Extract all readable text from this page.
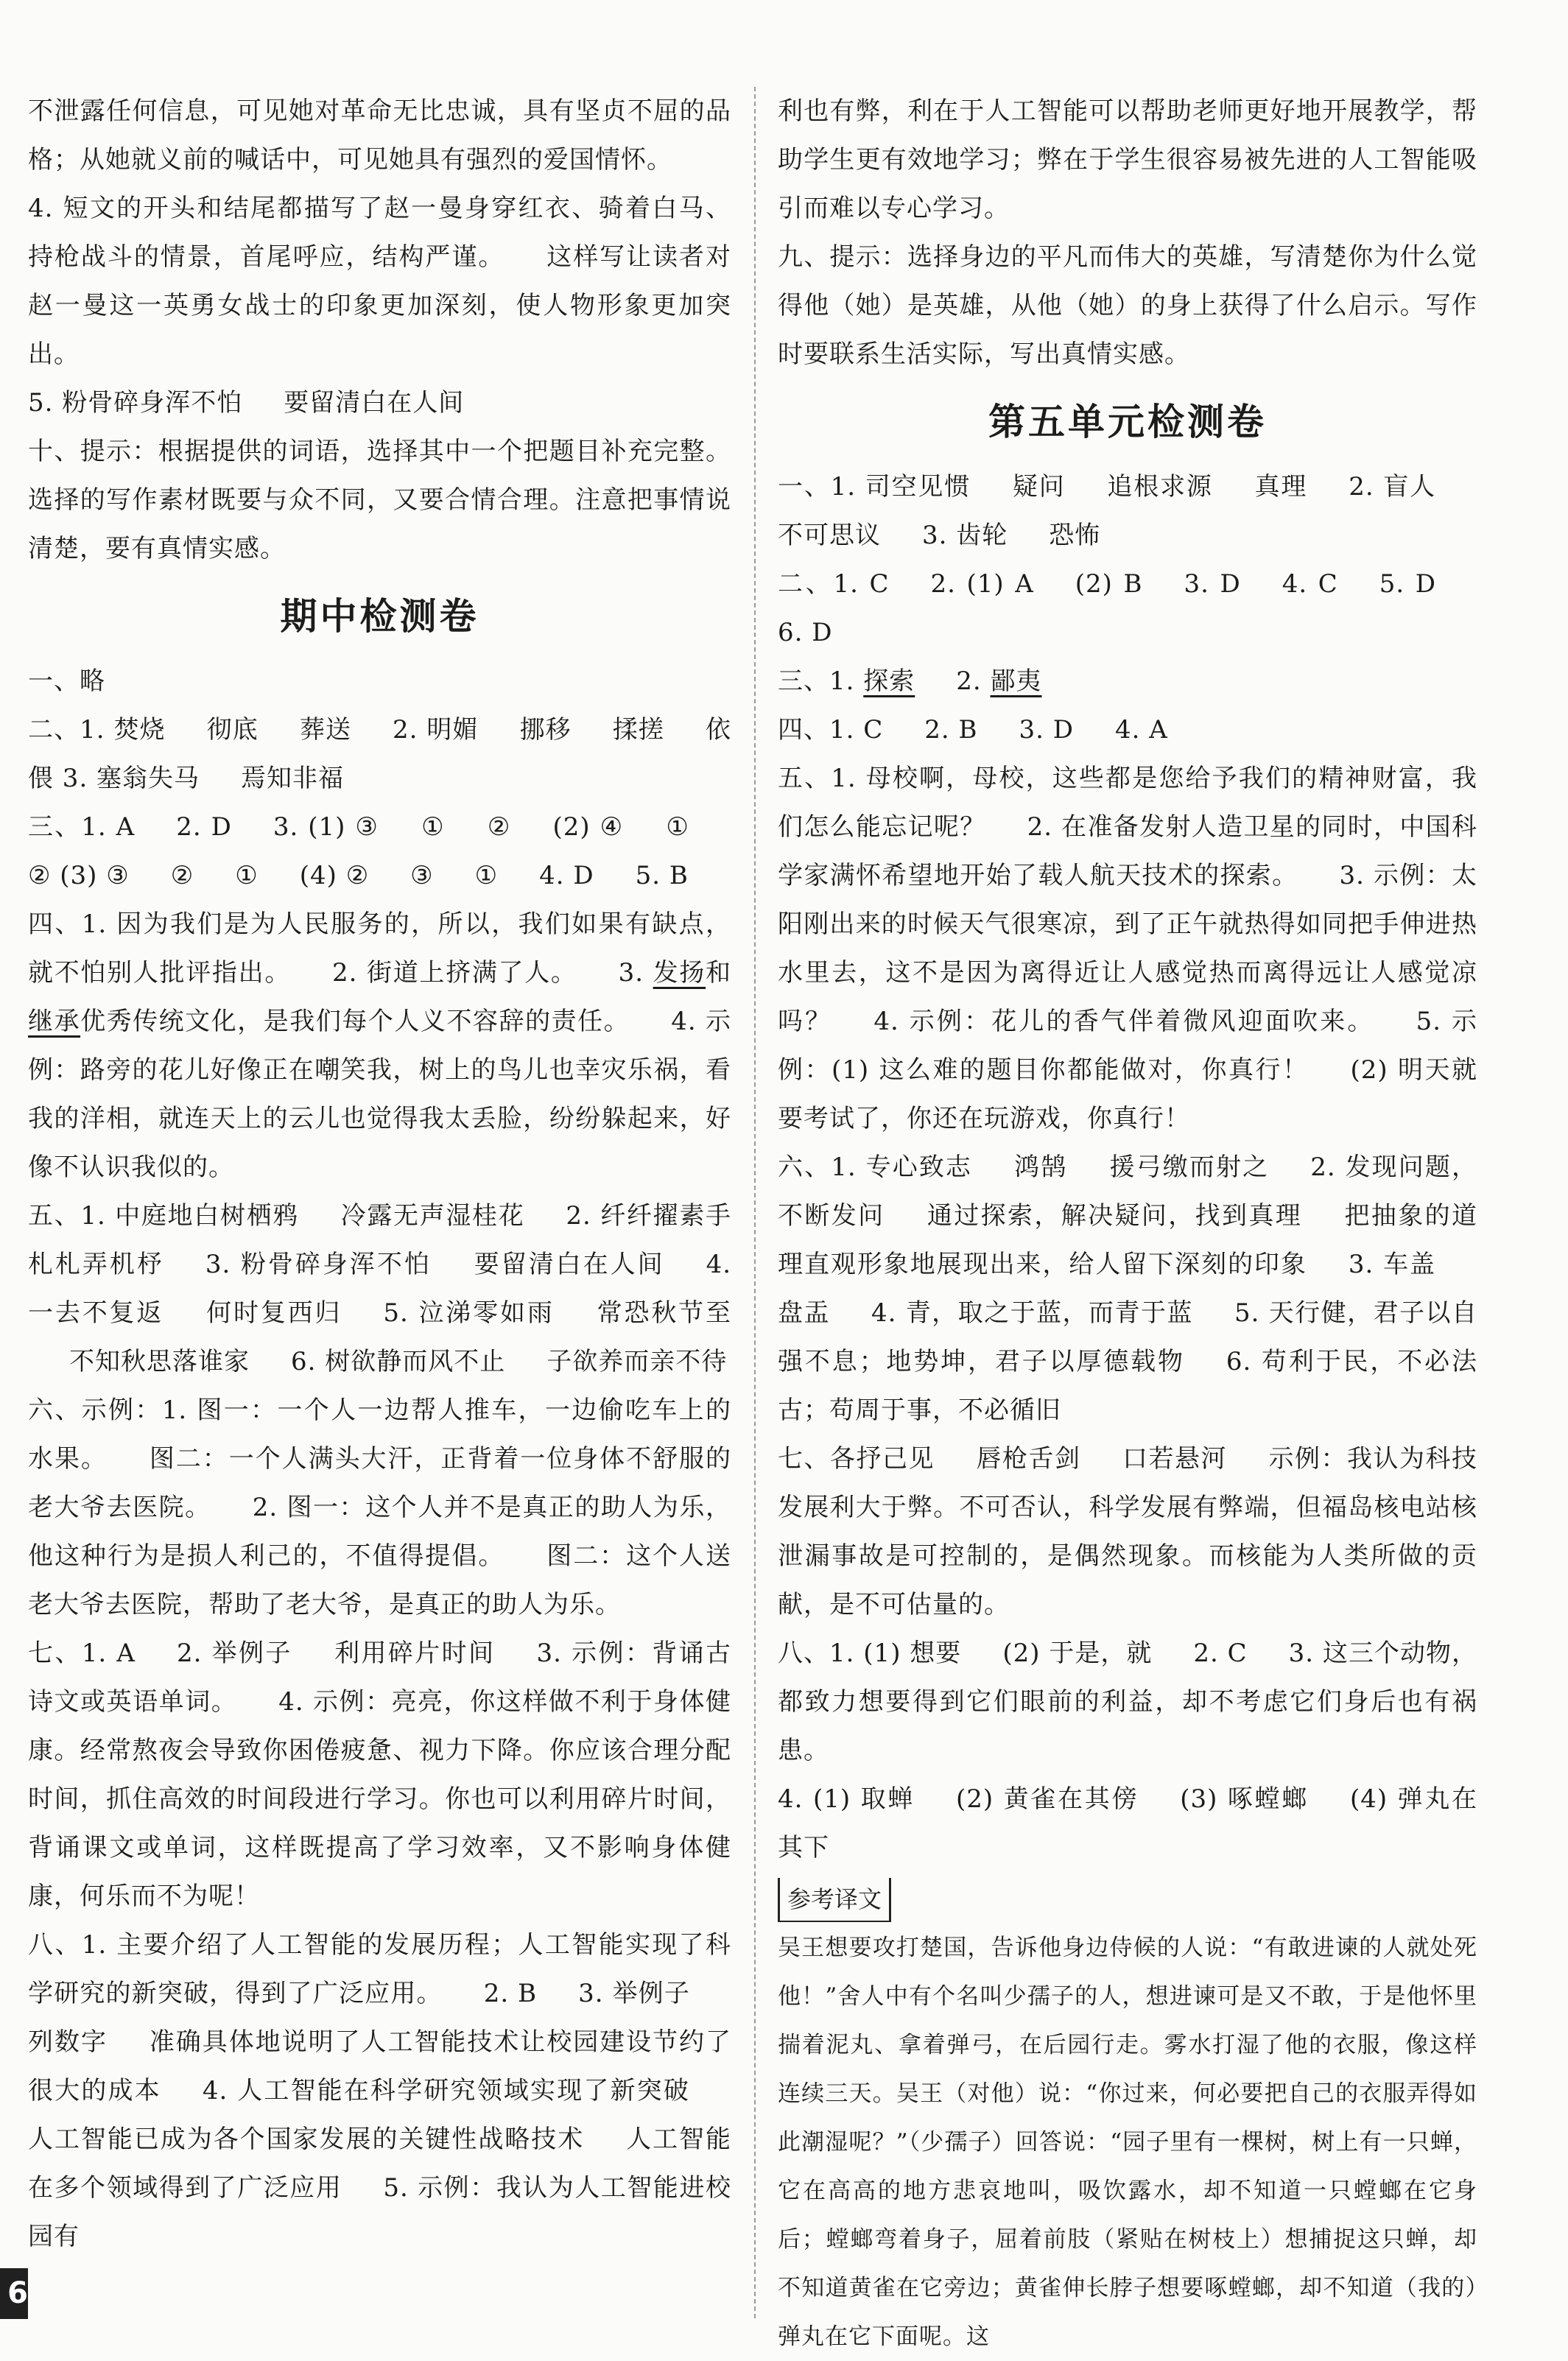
不泄露任何信息，可见她对革命无比忠诚，具有坚贞不屈的品格；从她就义前的喊话中，可见她具有强烈的爱国情怀。

4. 短文的开头和结尾都描写了赵一曼身穿红衣、骑着白马、持枪战斗的情景，首尾呼应，结构严谨。 这样写让读者对赵一曼这一英勇女战士的印象更加深刻，使人物形象更加突出。

5. 粉骨碎身浑不怕 要留清白在人间

十、提示：根据提供的词语，选择其中一个把题目补充完整。选择的写作素材既要与众不同，又要合情合理。注意把事情说清楚，要有真情实感。

期中检测卷

一、略

二、1. 焚烧 彻底 葬送 2. 明媚 挪移 揉搓 依偎 3. 塞翁失马 焉知非福

三、1. A 2. D 3. (1) ③ ① ② (2) ④ ①② (3) ③ ② ① (4) ② ③ ① 4. D 5. B

四、1. 因为我们是为人民服务的，所以，我们如果有缺点，就不怕别人批评指出。 2. 街道上挤满了人。 3. 发扬和继承优秀传统文化，是我们每个人义不容辞的责任。 4. 示例：路旁的花儿好像正在嘲笑我，树上的鸟儿也幸灾乐祸，看我的洋相，就连天上的云儿也觉得我太丢脸，纷纷躲起来，好像不认识我似的。

五、1. 中庭地白树栖鸦 冷露无声湿桂花 2. 纤纤擢素手 札札弄机杼 3. 粉骨碎身浑不怕 要留清白在人间 4. 一去不复返 何时复西归 5. 泣涕零如雨 常恐秋节至不知秋思落谁家 6. 树欲静而风不止 子欲养而亲不待

六、示例：1. 图一：一个人一边帮人推车，一边偷吃车上的水果。 图二：一个人满头大汗，正背着一位身体不舒服的老大爷去医院。 2. 图一：这个人并不是真正的助人为乐，他这种行为是损人利己的，不值得提倡。 图二：这个人送老大爷去医院，帮助了老大爷，是真正的助人为乐。

七、1. A 2. 举例子 利用碎片时间 3. 示例：背诵古诗文或英语单词。 4. 示例：亮亮，你这样做不利于身体健康。经常熬夜会导致你困倦疲惫、视力下降。你应该合理分配时间，抓住高效的时间段进行学习。你也可以利用碎片时间，背诵课文或单词，这样既提高了学习效率，又不影响身体健康，何乐而不为呢！

八、1. 主要介绍了人工智能的发展历程；人工智能实现了科学研究的新突破，得到了广泛应用。 2. B 3. 举例子列数字 准确具体地说明了人工智能技术让校园建设节约了很大的成本 4. 人工智能在科学研究领域实现了新突破人工智能已成为各个国家发展的关键性战略技术 人工智能在多个领域得到了广泛应用 5. 示例：我认为人工智能进校园有

利也有弊，利在于人工智能可以帮助老师更好地开展教学，帮助学生更有效地学习；弊在于学生很容易被先进的人工智能吸引而难以专心学习。

九、提示：选择身边的平凡而伟大的英雄，写清楚你为什么觉得他（她）是英雄，从他（她）的身上获得了什么启示。写作时要联系生活实际，写出真情实感。

第五单元检测卷

一、1. 司空见惯 疑问 追根求源 真理 2. 盲人不可思议 3. 齿轮 恐怖

二、1. C 2. (1) A (2) B 3. D 4. C 5. D6. D

三、1. 探索 2. 鄙夷

四、1. C 2. B 3. D 4. A

五、1. 母校啊，母校，这些都是您给予我们的精神财富，我们怎么能忘记呢？ 2. 在准备发射人造卫星的同时，中国科学家满怀希望地开始了载人航天技术的探索。 3. 示例：太阳刚出来的时候天气很寒凉，到了正午就热得如同把手伸进热水里去，这不是因为离得近让人感觉热而离得远让人感觉凉吗？ 4. 示例：花儿的香气伴着微风迎面吹来。 5. 示例：(1) 这么难的题目你都能做对，你真行！ (2) 明天就要考试了，你还在玩游戏，你真行！

六、1. 专心致志 鸿鹄 援弓缴而射之 2. 发现问题，不断发问 通过探索，解决疑问，找到真理 把抽象的道理直观形象地展现出来，给人留下深刻的印象 3. 车盖盘盂 4. 青，取之于蓝，而青于蓝 5. 天行健，君子以自强不息；地势坤，君子以厚德载物 6. 苟利于民，不必法古；苟周于事，不必循旧

七、各抒己见 唇枪舌剑 口若悬河 示例：我认为科技发展利大于弊。不可否认，科学发展有弊端，但福岛核电站核泄漏事故是可控制的，是偶然现象。而核能为人类所做的贡献，是不可估量的。

八、1. (1) 想要 (2) 于是，就 2. C 3. 这三个动物，都致力想要得到它们眼前的利益，却不考虑它们身后也有祸患。

4. (1) 取蝉 (2) 黄雀在其傍 (3) 啄螳螂 (4) 弹丸在其下

参考译文

吴王想要攻打楚国，告诉他身边侍候的人说：“有敢进谏的人就处死他！”舍人中有个名叫少孺子的人，想进谏可是又不敢，于是他怀里揣着泥丸、拿着弹弓，在后园行走。雾水打湿了他的衣服，像这样连续三天。吴王（对他）说：“你过来，何必要把自己的衣服弄得如此潮湿呢？”（少孺子）回答说：“园子里有一棵树，树上有一只蝉，它在高高的地方悲哀地叫，吸饮露水，却不知道一只螳螂在它身后；螳螂弯着身子，屈着前肢（紧贴在树枝上）想捕捉这只蝉，却不知道黄雀在它旁边；黄雀伸长脖子想要啄螳螂，却不知道（我的）弹丸在它下面呢。这

6
